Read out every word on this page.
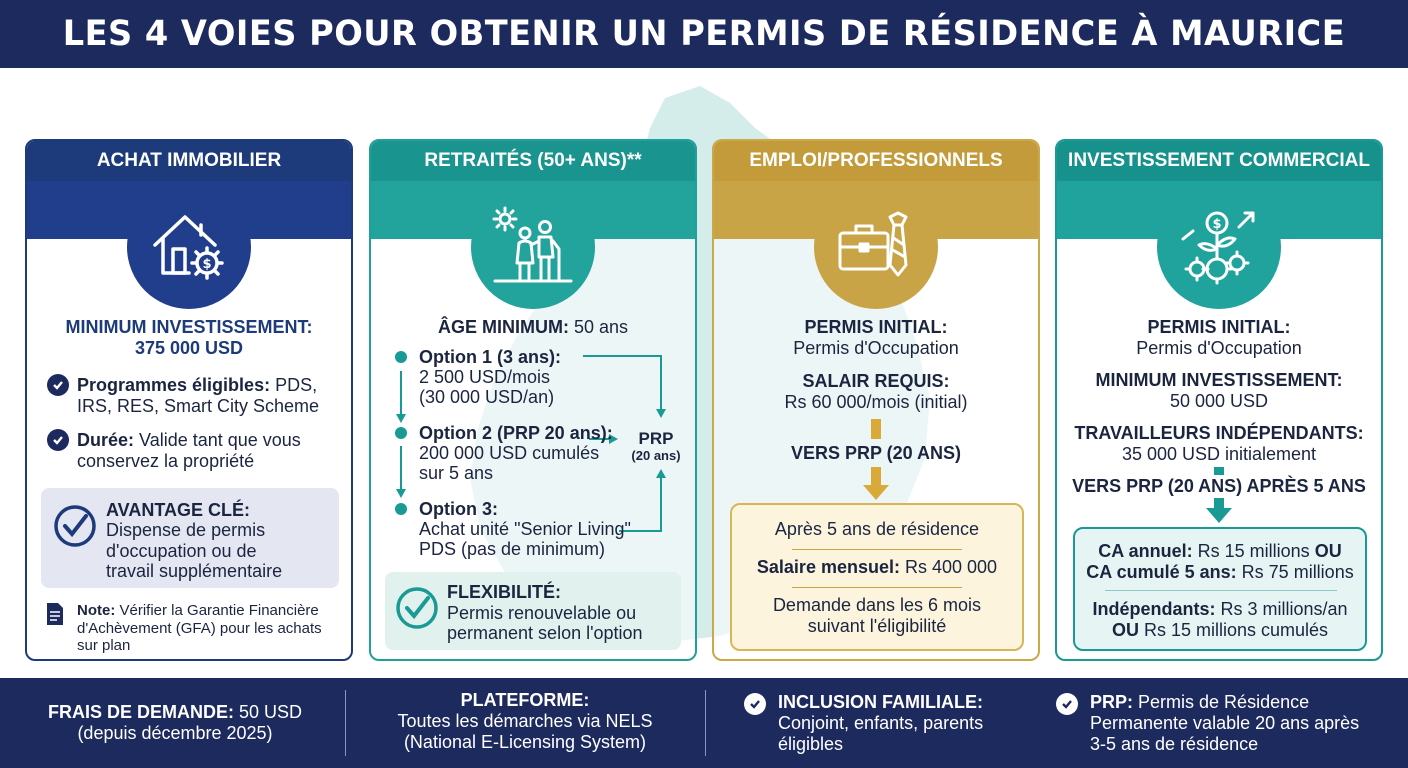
LES 4 VOIES POUR OBTENIR UN PERMIS DE RÉSIDENCE À MAURICE
ACHAT IMMOBILIER
$
MINIMUM INVESTISSEMENT:
375 000 USD
Programmes éligibles: PDS,
IRS, RES, Smart City Scheme
Durée: Valide tant que vous
conservez la propriété
AVANTAGE CLÉ:
Dispense de permis
d'occupation ou de
travail supplémentaire
Note: Vérifier la Garantie Financière
d'Achèvement (GFA) pour les achats
sur plan
RETRAITÉS (50+ ANS)**
ÂGE MINIMUM: 50 ans
Option 1 (3 ans):
2 500 USD/mois
(30 000 USD/an)
Option 2 (PRP 20 ans):
200 000 USD cumulés
sur 5 ans
PRP
(20 ans)
Option 3:
Achat unité "Senior Living"
PDS (pas de minimum)
FLEXIBILITÉ:
Permis renouvelable ou
permanent selon l'option
EMPLOI/PROFESSIONNELS
PERMIS INITIAL:
Permis d'Occupation
SALAIR REQUIS:
Rs 60 000/mois (initial)
VERS PRP (20 ANS)
Après 5 ans de résidence
Salaire mensuel: Rs 400 000
Demande dans les 6 mois
suivant l'éligibilité
INVESTISSEMENT COMMERCIAL
$
PERMIS INITIAL:
Permis d'Occupation
MINIMUM INVESTISSEMENT:
50 000 USD
TRAVAILLEURS INDÉPENDANTS:
35 000 USD initialement
VERS PRP (20 ANS) APRÈS 5 ANS
CA annuel: Rs 15 millions OU
CA cumulé 5 ans: Rs 75 millions
Indépendants: Rs 3 millions/an
OU Rs 15 millions cumulés
FRAIS DE DEMANDE: 50 USD
(depuis décembre 2025)
PLATEFORME:
Toutes les démarches via NELS
(National E-Licensing System)
INCLUSION FAMILIALE:
Conjoint, enfants, parents
éligibles
PRP: Permis de Résidence
Permanente valable 20 ans après
3-5 ans de résidence
